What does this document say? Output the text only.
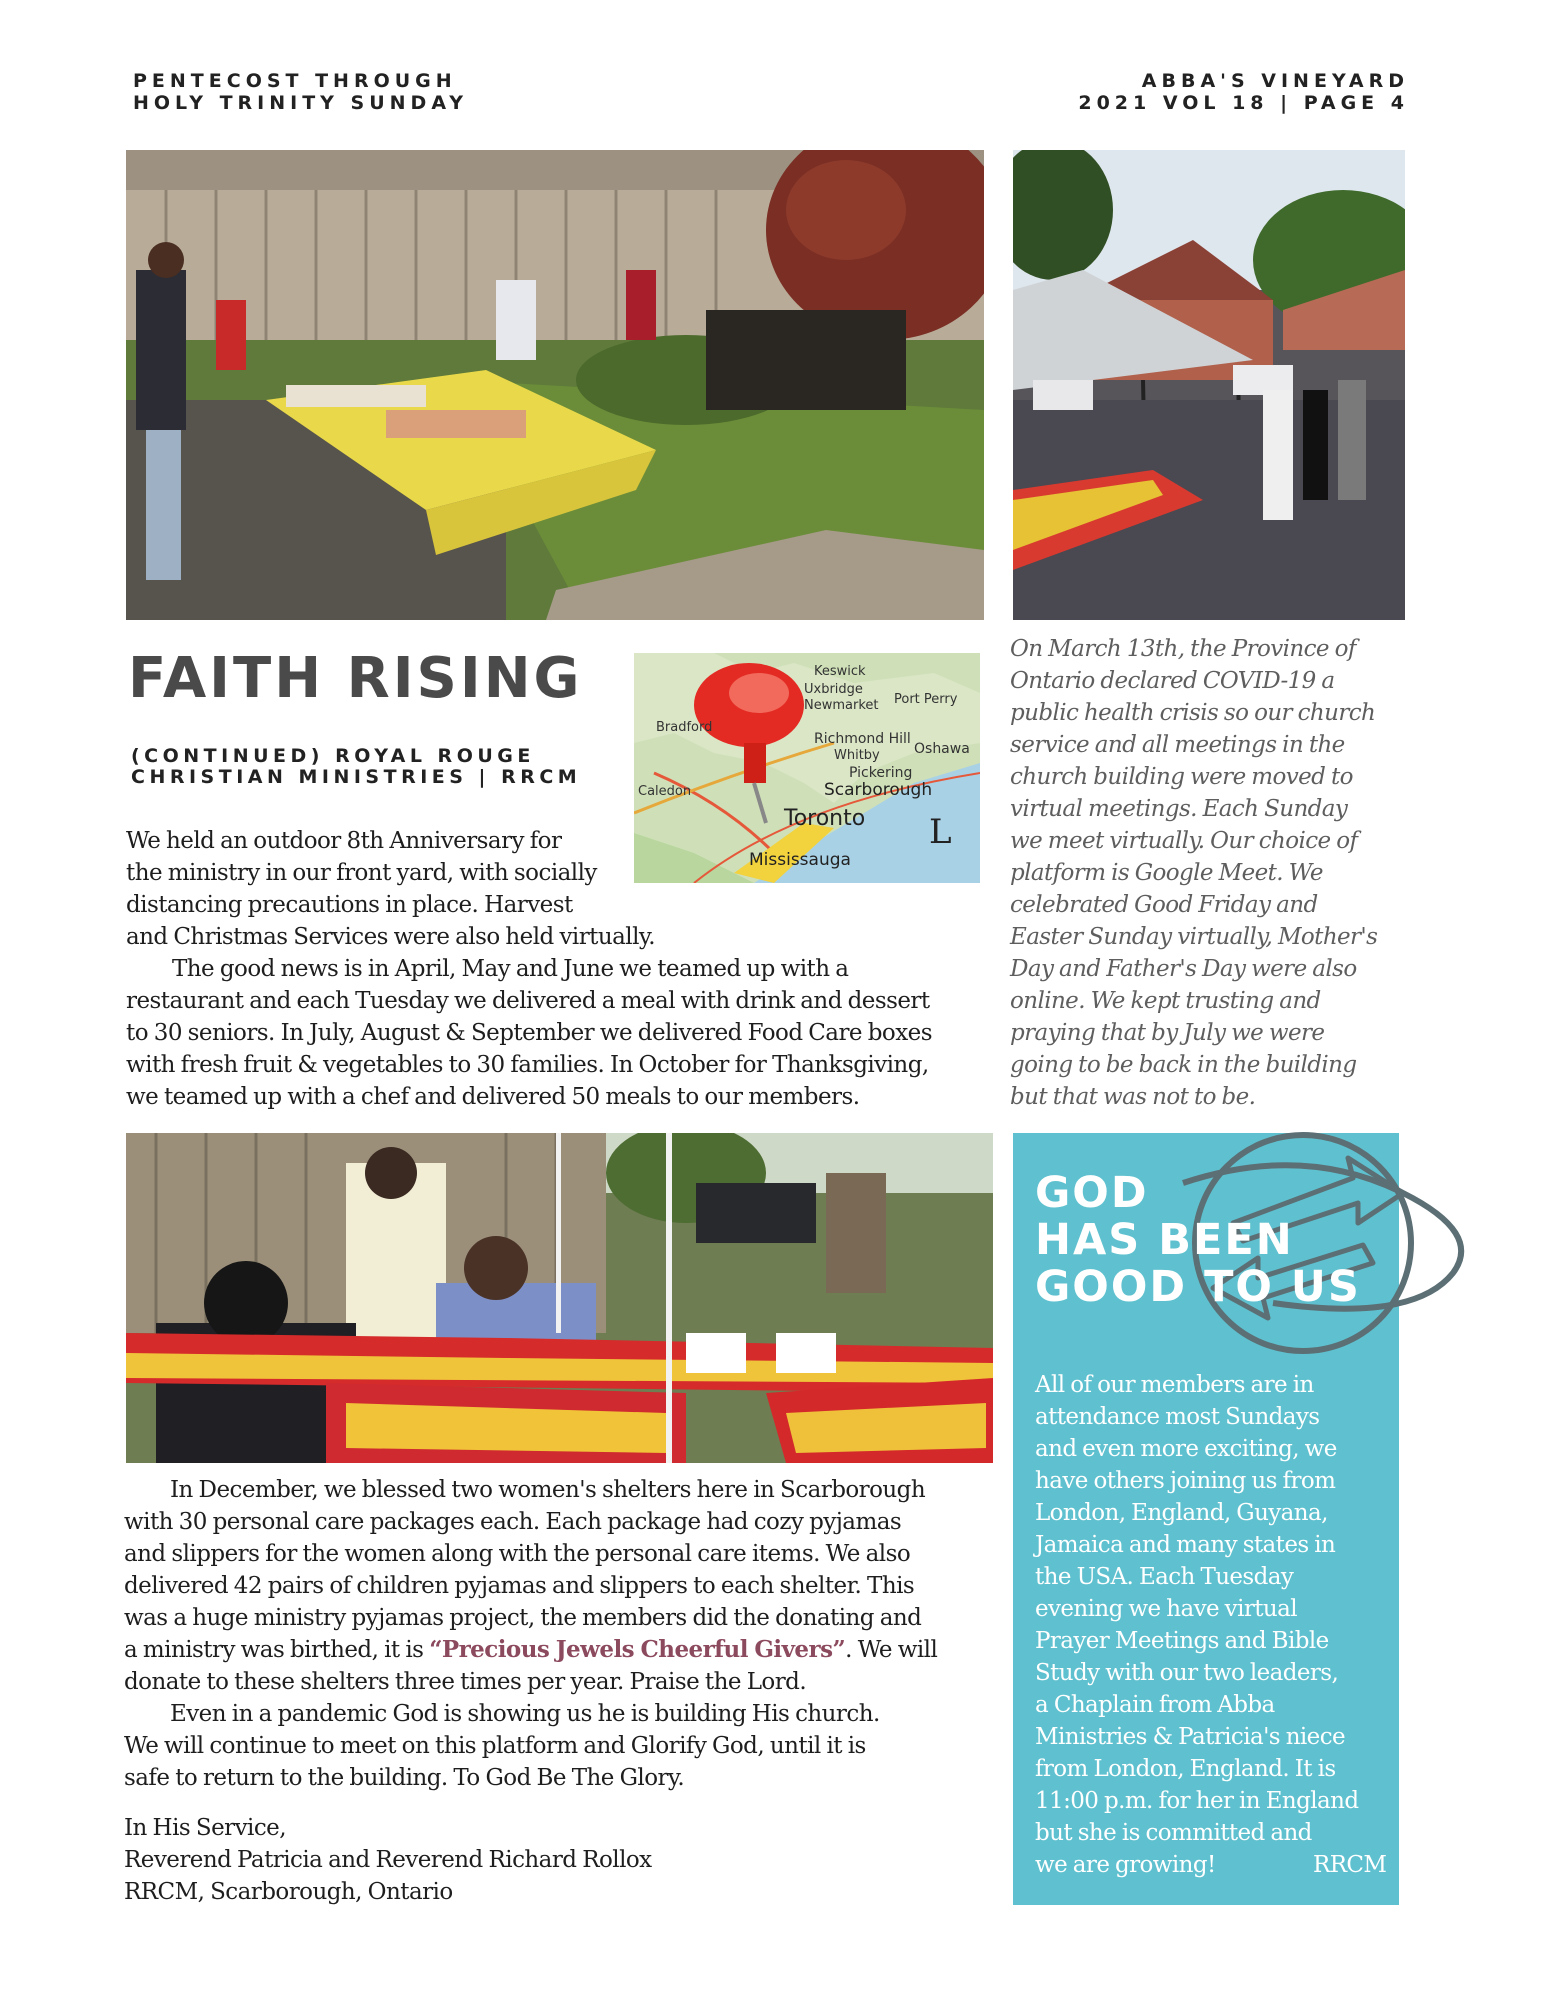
PENTECOST THROUGH
HOLY TRINITY SUNDAY
ABBA'S VINEYARD
2021 VOL 18 | PAGE 4
FAITH RISING
(CONTINUED) ROYAL ROUGE
CHRISTIAN MINISTRIES | RRCM
Keswick
Uxbridge
Newmarket Port Perry
Bradford
Richmond Hill
Whitby Oshawa
Pickering
Scarborough
Toronto
Mississauga
Caledon
L
We held an outdoor 8th Anniversary for
the ministry in our front yard, with socially
distancing precautions in place. Harvest
and Christmas Services were also held virtually.
The good news is in April, May and June we teamed up with a
restaurant and each Tuesday we delivered a meal with drink and dessert
to 30 seniors. In July, August & September we delivered Food Care boxes
with fresh fruit & vegetables to 30 families. In October for Thanksgiving,
we teamed up with a chef and delivered 50 meals to our members.
In December, we blessed two women's shelters here in Scarborough
with 30 personal care packages each. Each package had cozy pyjamas
and slippers for the women along with the personal care items. We also
delivered 42 pairs of children pyjamas and slippers to each shelter. This
was a huge ministry pyjamas project, the members did the donating and
a ministry was birthed, it is “Precious Jewels Cheerful Givers”. We will
donate to these shelters three times per year. Praise the Lord.
Even in a pandemic God is showing us he is building His church.
We will continue to meet on this platform and Glorify God, until it is
safe to return to the building. To God Be The Glory.
In His Service,
Reverend Patricia and Reverend Richard Rollox
RRCM, Scarborough, Ontario
On March 13th, the Province of
Ontario declared COVID-19 a
public health crisis so our church
service and all meetings in the
church building were moved to
virtual meetings. Each Sunday
we meet virtually. Our choice of
platform is Google Meet. We
celebrated Good Friday and
Easter Sunday virtually, Mother's
Day and Father's Day were also
online. We kept trusting and
praying that by July we were
going to be back in the building
but that was not to be.
GOD
HAS BEEN
GOOD TO US
All of our members are in
attendance most Sundays
and even more exciting, we
have others joining us from
London, England, Guyana,
Jamaica and many states in
the USA. Each Tuesday
evening we have virtual
Prayer Meetings and Bible
Study with our two leaders,
a Chaplain from Abba
Ministries & Patricia's niece
from London, England. It is
11:00 p.m. for her in England
but she is committed and
we are growing!	RRCM
